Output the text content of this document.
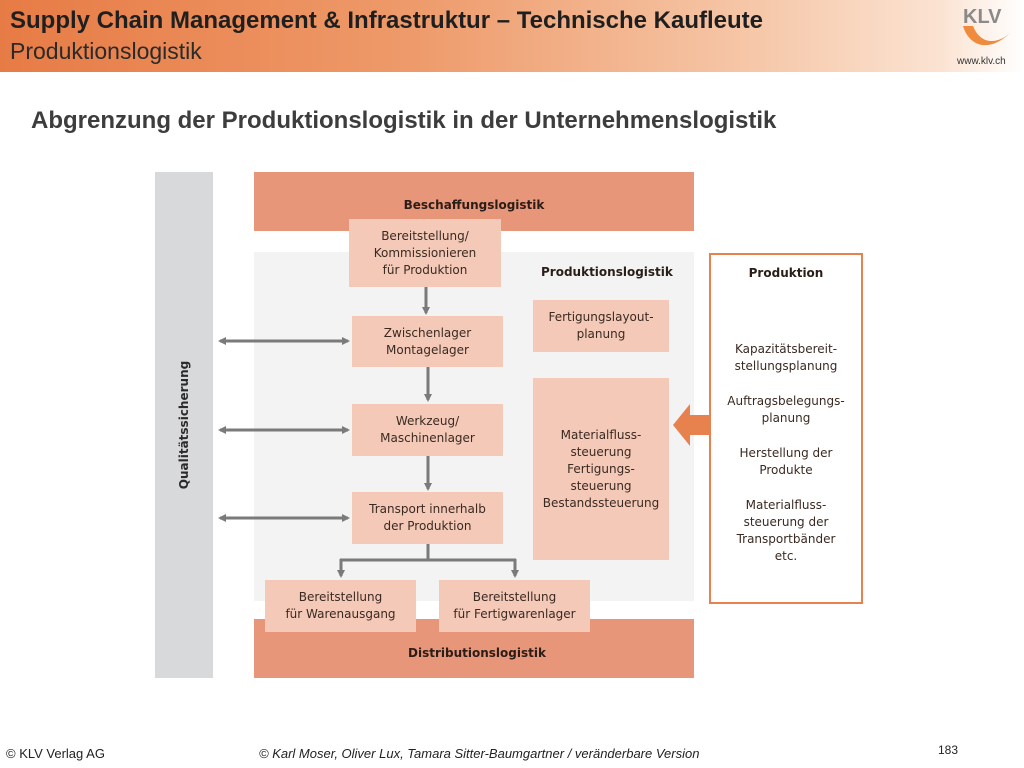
Supply Chain Management & Infrastruktur – Technische Kaufleute
Produktionslogistik
KLV
www.klv.ch
Abgrenzung der Produktionslogistik in der Unternehmenslogistik
Qualitätssicherung
Beschaffungslogistik
Distributionslogistik
Produktionslogistik
Bereitstellung/
Kommissionieren
für Produktion
Zwischenlager
Montagelager
Werkzeug/
Maschinenlager
Transport innerhalb
der Produktion
Bereitstellung
für Warenausgang
Bereitstellung
für Fertigwarenlager
Fertigungslayout-
planung
Materialfluss-
steuerung
Fertigungs-
steuerung
Bestandssteuerung
Produktion
Kapazitätsbereit-
stellungsplanung
Auftragsbelegungs-
planung
Herstellung der
Produkte
Materialfluss-
steuerung der
Transportbänder
etc.
© KLV Verlag AG	© Karl Moser, Oliver Lux, Tamara Sitter-Baumgartner / veränderbare Version	183
